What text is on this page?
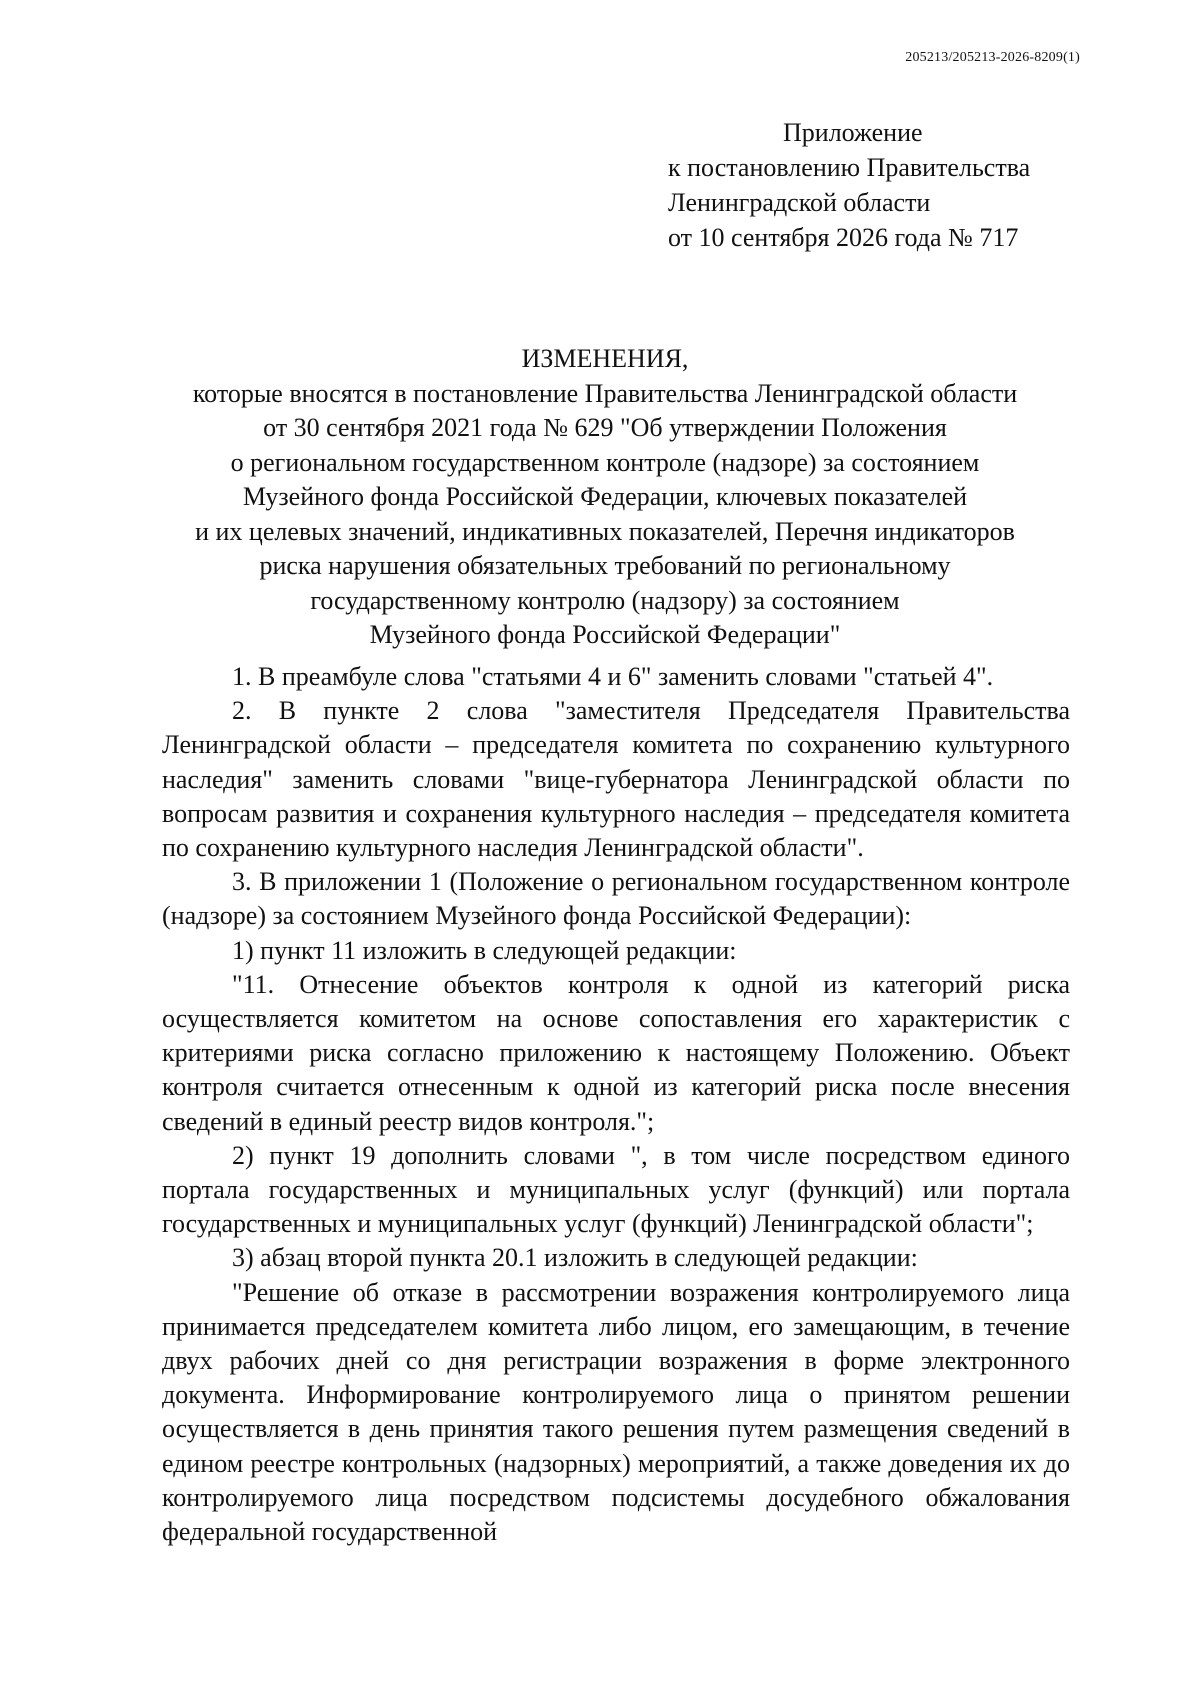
205213/205213-2026-8209(1)
Приложение
к постановлению Правительства
Ленинградской области
от 10 сентября 2026 года № 717
ИЗМЕНЕНИЯ,
которые вносятся в постановление Правительства Ленинградской области
от 30 сентября 2021 года № 629 "Об утверждении Положения
о региональном государственном контроле (надзоре) за состоянием
Музейного фонда Российской Федерации, ключевых показателей
и их целевых значений, индикативных показателей, Перечня индикаторов
риска нарушения обязательных требований по региональному
государственному контролю (надзору) за состоянием
Музейного фонда Российской Федерации"

1. В преамбуле слова "статьями 4 и 6" заменить словами "статьей 4".

2. В пункте 2 слова "заместителя Председателя Правительства Ленинградской области – председателя комитета по сохранению культурного наследия" заменить словами "вице-губернатора Ленинградской области по вопросам развития и сохранения культурного наследия – председателя комитета по сохранению культурного наследия Ленинградской области".

3. В приложении 1 (Положение о региональном государственном контроле (надзоре) за состоянием Музейного фонда Российской Федерации):

1) пункт 11 изложить в следующей редакции:

"11. Отнесение объектов контроля к одной из категорий риска осуществляется комитетом на основе сопоставления его характеристик с критериями риска согласно приложению к настоящему Положению. Объект контроля считается отнесенным к одной из категорий риска после внесения сведений в единый реестр видов контроля.";

2) пункт 19 дополнить словами ", в том числе посредством единого портала государственных и муниципальных услуг (функций) или портала государственных и муниципальных услуг (функций) Ленинградской области";

3) абзац второй пункта 20.1 изложить в следующей редакции:

"Решение об отказе в рассмотрении возражения контролируемого лица принимается председателем комитета либо лицом, его замещающим, в течение двух рабочих дней со дня регистрации возражения в форме электронного документа. Информирование контролируемого лица о принятом решении осуществляется в день принятия такого решения путем размещения сведений в едином реестре контрольных (надзорных) мероприятий, а также доведения их до контролируемого лица посредством подсистемы досудебного обжалования федеральной государственной
